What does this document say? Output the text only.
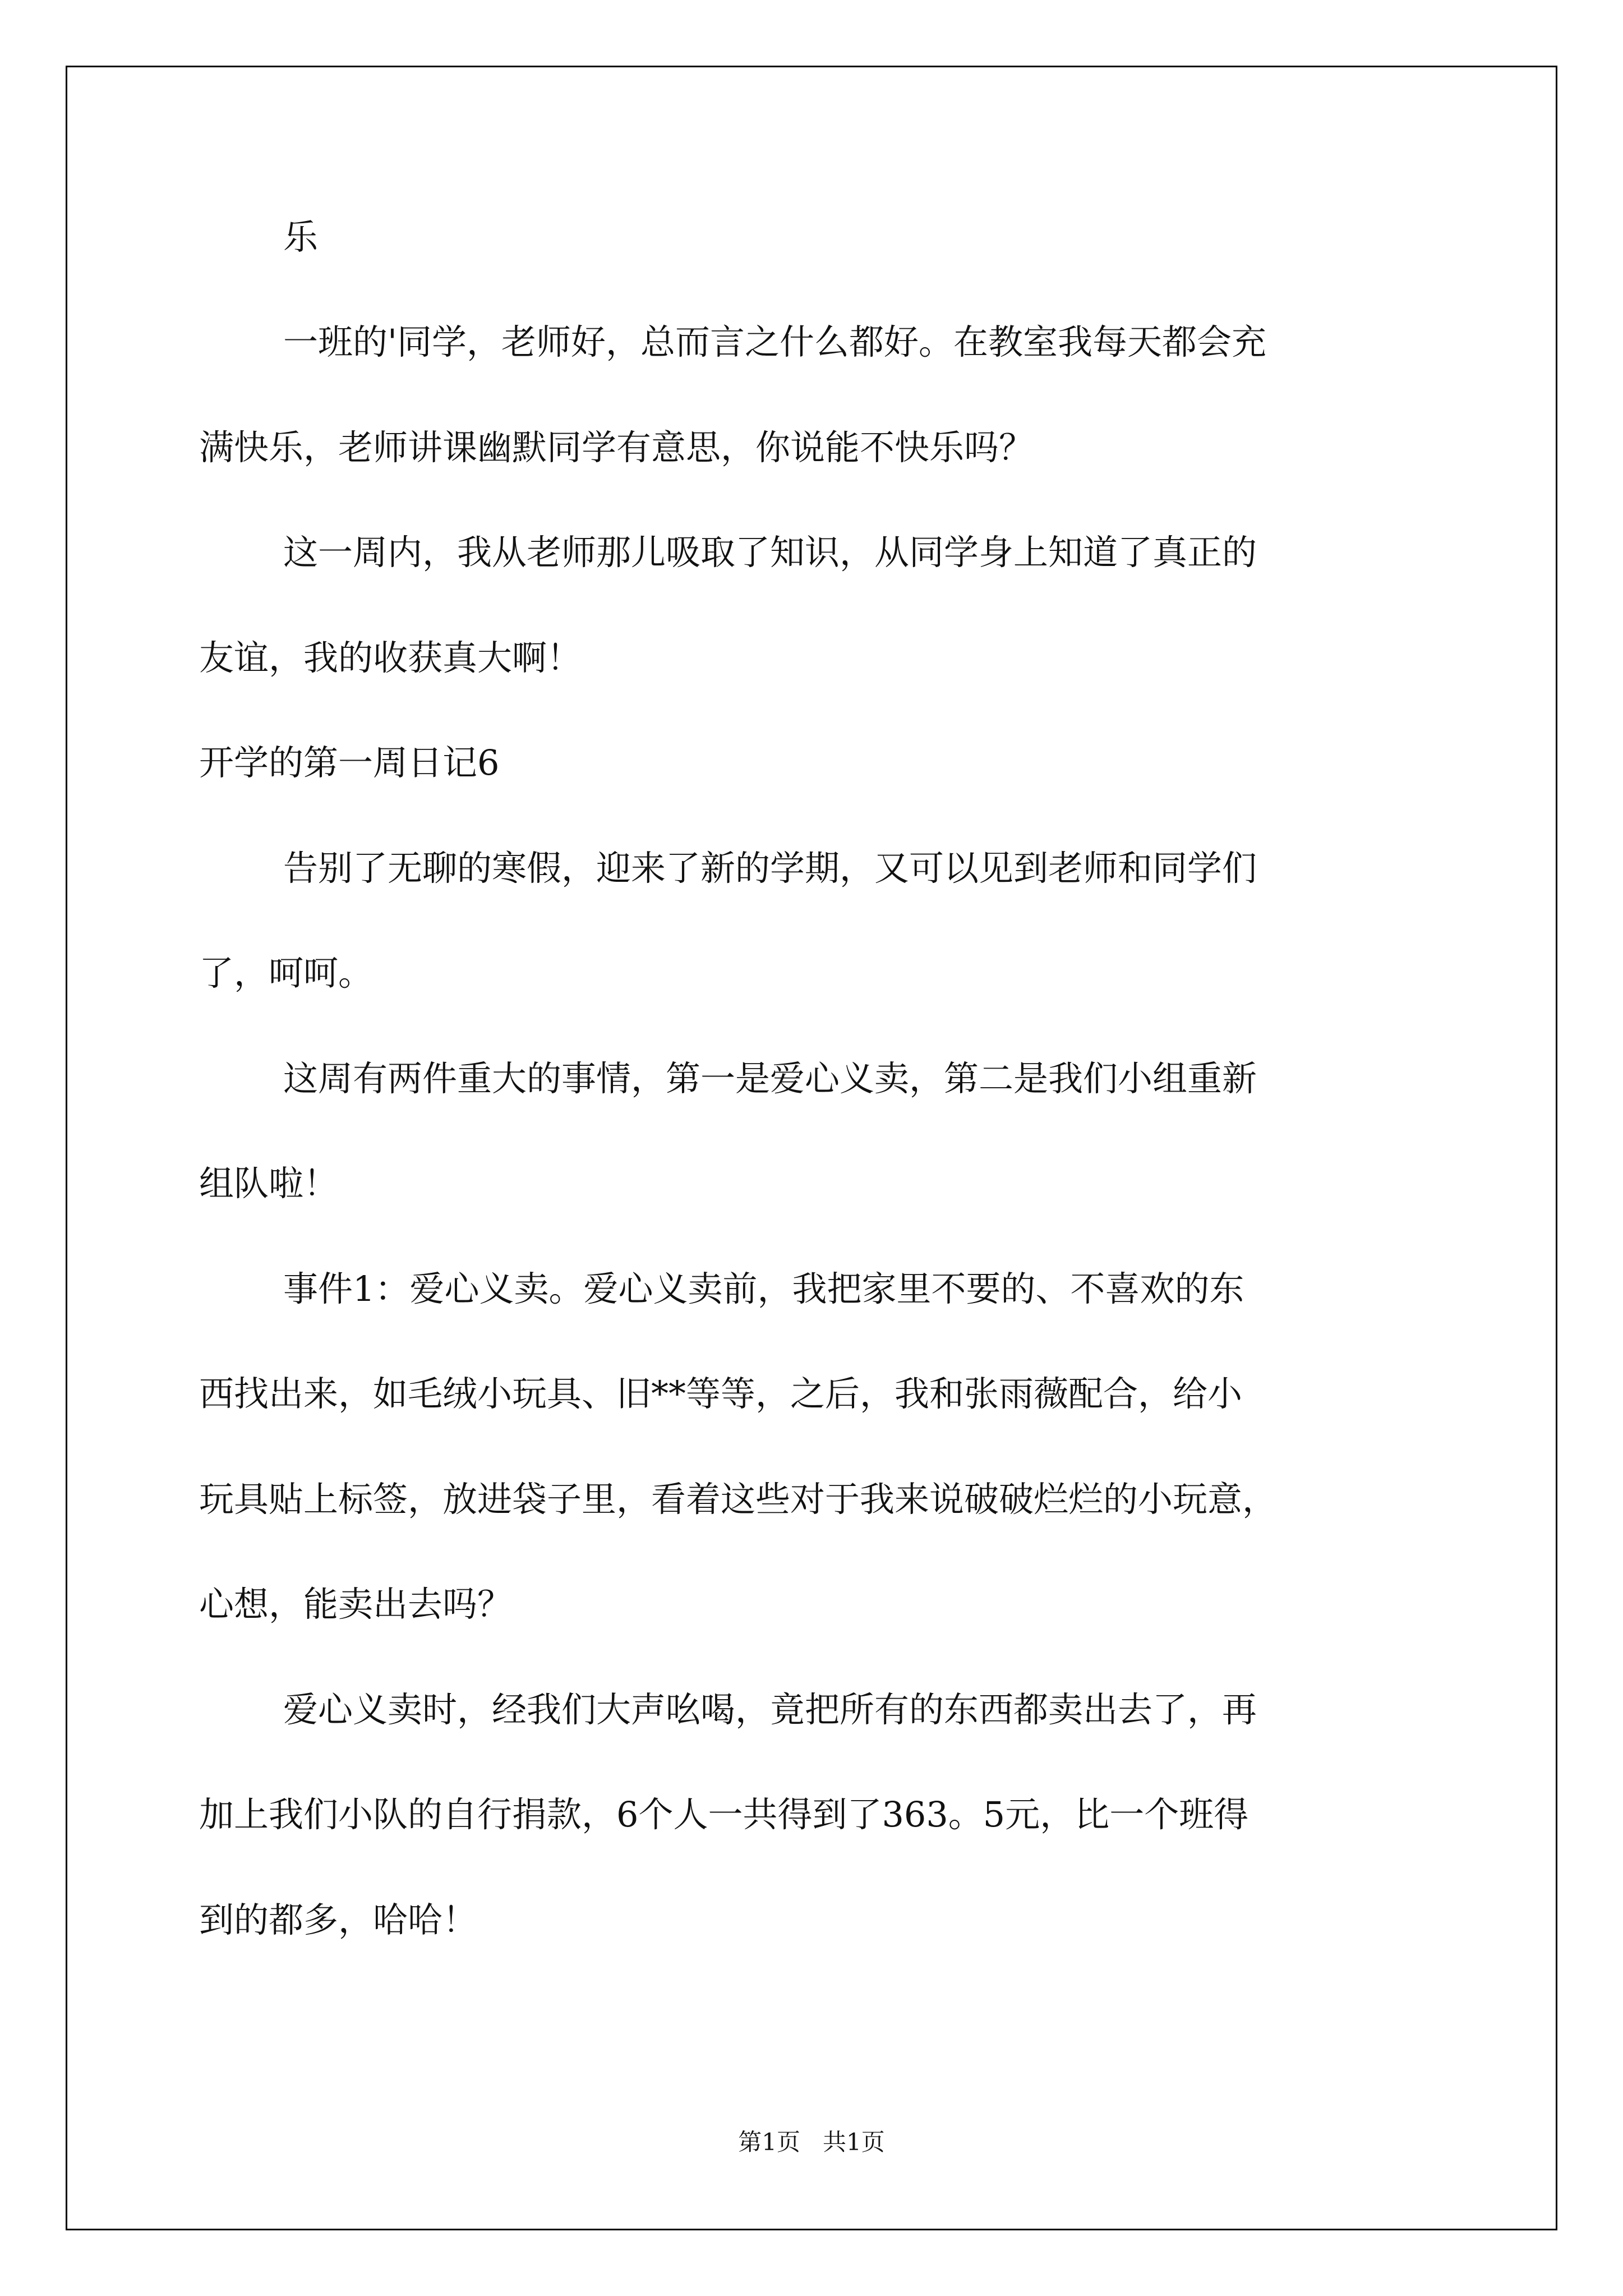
乐
一班的'同学，老师好，总而言之什么都好。在教室我每天都会充
满快乐，老师讲课幽默同学有意思，你说能不快乐吗？
这一周内，我从老师那儿吸取了知识，从同学身上知道了真正的
友谊，我的收获真大啊！
开学的第一周日记6
告别了无聊的寒假，迎来了新的学期，又可以见到老师和同学们
了，呵呵。
这周有两件重大的事情，第一是爱心义卖，第二是我们小组重新
组队啦！
事件1：爱心义卖。爱心义卖前，我把家里不要的、不喜欢的东
西找出来，如毛绒小玩具、旧**等等，之后，我和张雨薇配合，给小
玩具贴上标签，放进袋子里，看着这些对于我来说破破烂烂的小玩意，
心想，能卖出去吗？
爱心义卖时，经我们大声吆喝，竟把所有的东西都卖出去了，再
加上我们小队的自行捐款，6个人一共得到了363。5元，比一个班得
到的都多，哈哈！
第1页   共1页
